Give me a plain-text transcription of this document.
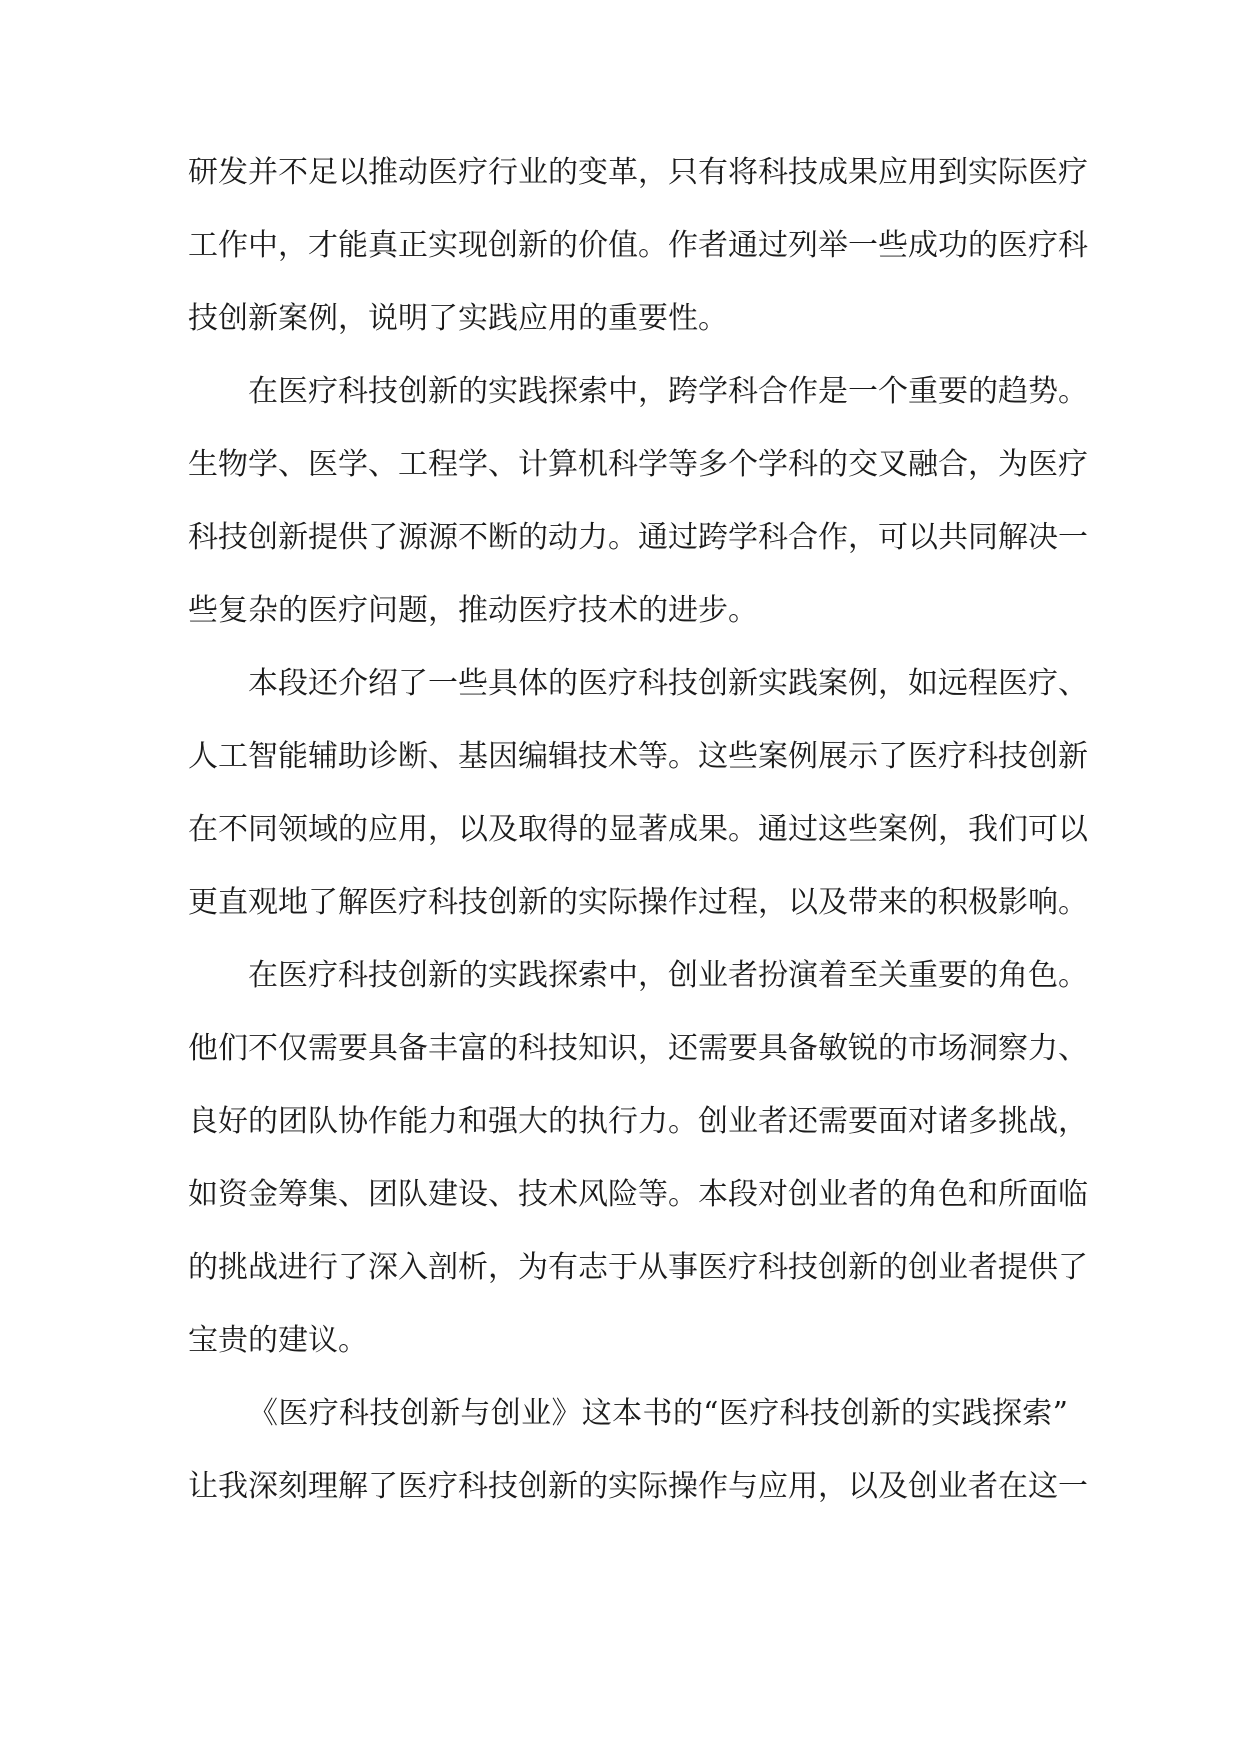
研发并不足以推动医疗行业的变革，只有将科技成果应用到实际医疗
工作中，才能真正实现创新的价值。作者通过列举一些成功的医疗科
技创新案例，说明了实践应用的重要性。
在医疗科技创新的实践探索中，跨学科合作是一个重要的趋势。
生物学、医学、工程学、计算机科学等多个学科的交叉融合，为医疗
科技创新提供了源源不断的动力。通过跨学科合作，可以共同解决一
些复杂的医疗问题，推动医疗技术的进步。
本段还介绍了一些具体的医疗科技创新实践案例，如远程医疗、
人工智能辅助诊断、基因编辑技术等。这些案例展示了医疗科技创新
在不同领域的应用，以及取得的显著成果。通过这些案例，我们可以
更直观地了解医疗科技创新的实际操作过程，以及带来的积极影响。
在医疗科技创新的实践探索中，创业者扮演着至关重要的角色。
他们不仅需要具备丰富的科技知识，还需要具备敏锐的市场洞察力、
良好的团队协作能力和强大的执行力。创业者还需要面对诸多挑战，
如资金筹集、团队建设、技术风险等。本段对创业者的角色和所面临
的挑战进行了深入剖析，为有志于从事医疗科技创新的创业者提供了
宝贵的建议。
《医疗科技创新与创业》这本书的“医疗科技创新的实践探索”
让我深刻理解了医疗科技创新的实际操作与应用，以及创业者在这一
